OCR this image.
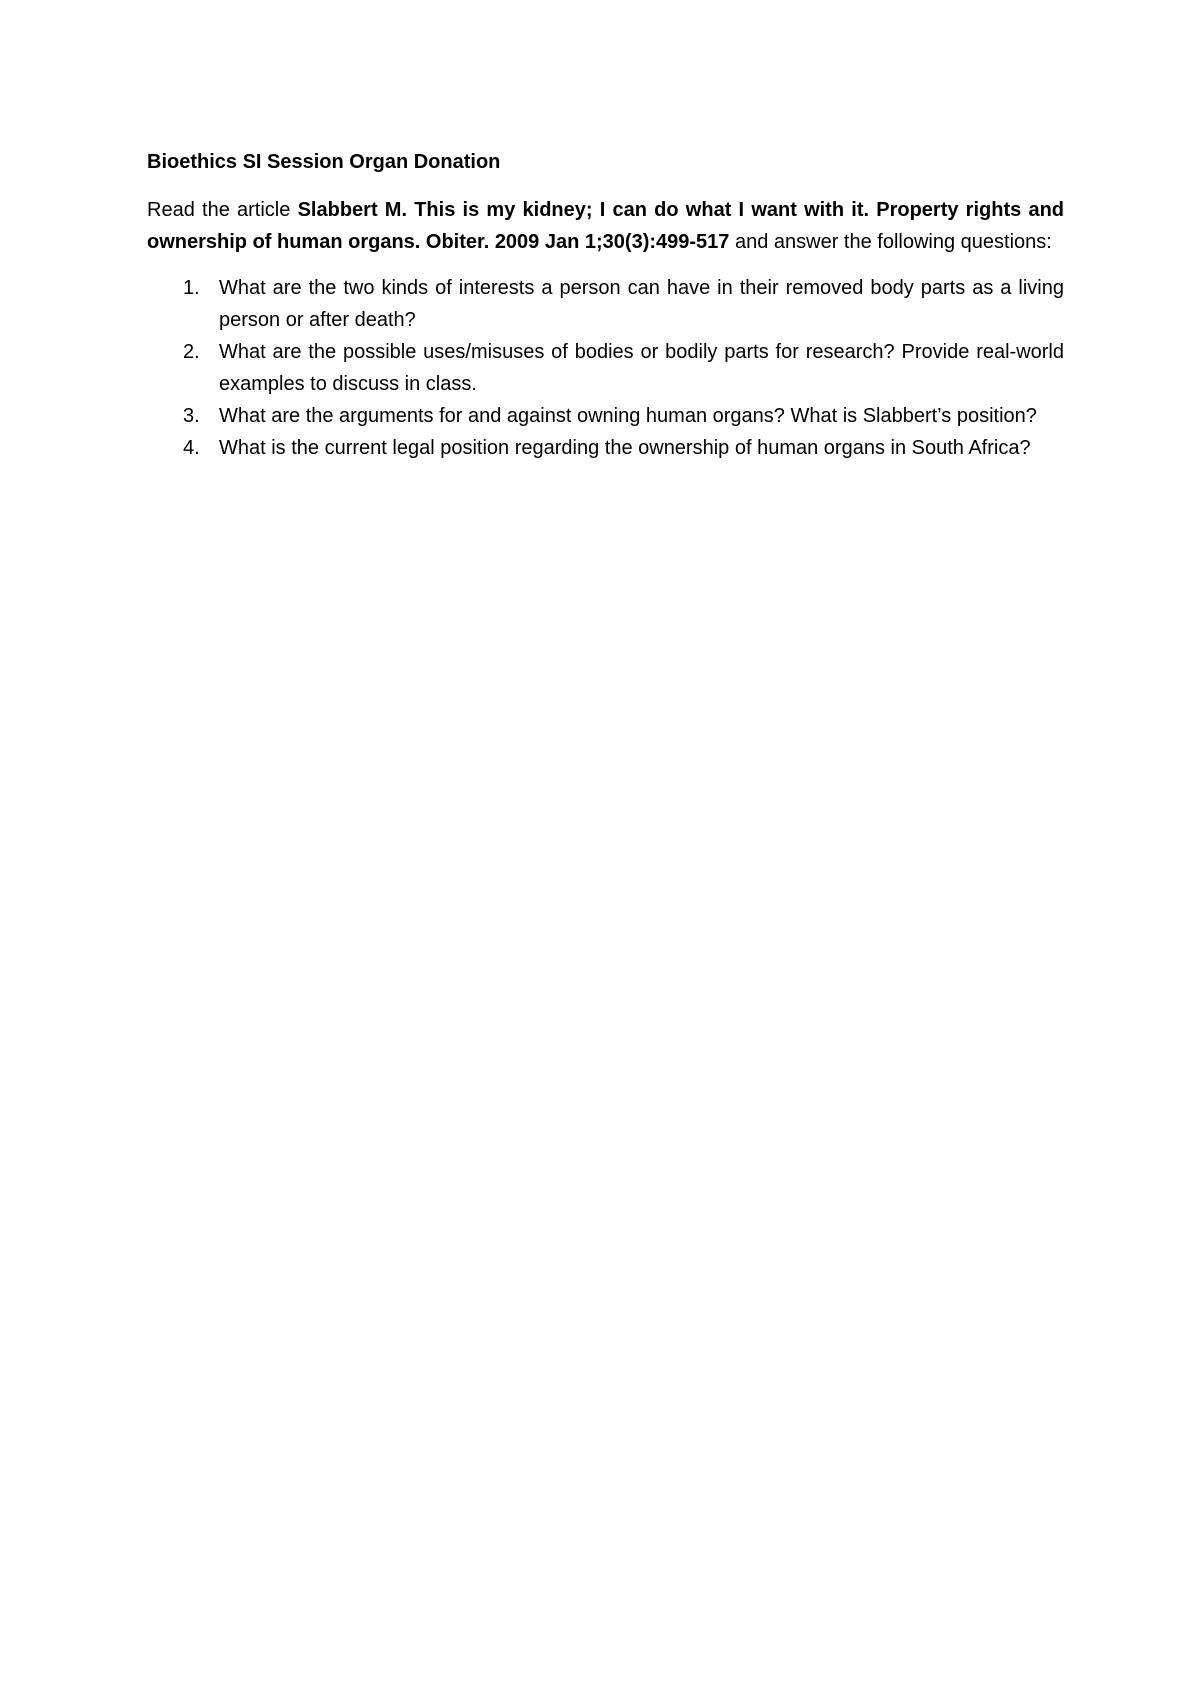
Bioethics SI Session Organ Donation

Read the article Slabbert M. This is my kidney; I can do what I want with it. Property rights and ownership of human organs. Obiter. 2009 Jan 1;30(3):499-517 and answer the following questions:

1. What are the two kinds of interests a person can have in their removed body parts as a living person or after death?
2. What are the possible uses/misuses of bodies or bodily parts for research? Provide real-world examples to discuss in class.
3. What are the arguments for and against owning human organs? What is Slabbert’s position?
4. What is the current legal position regarding the ownership of human organs in South Africa?
